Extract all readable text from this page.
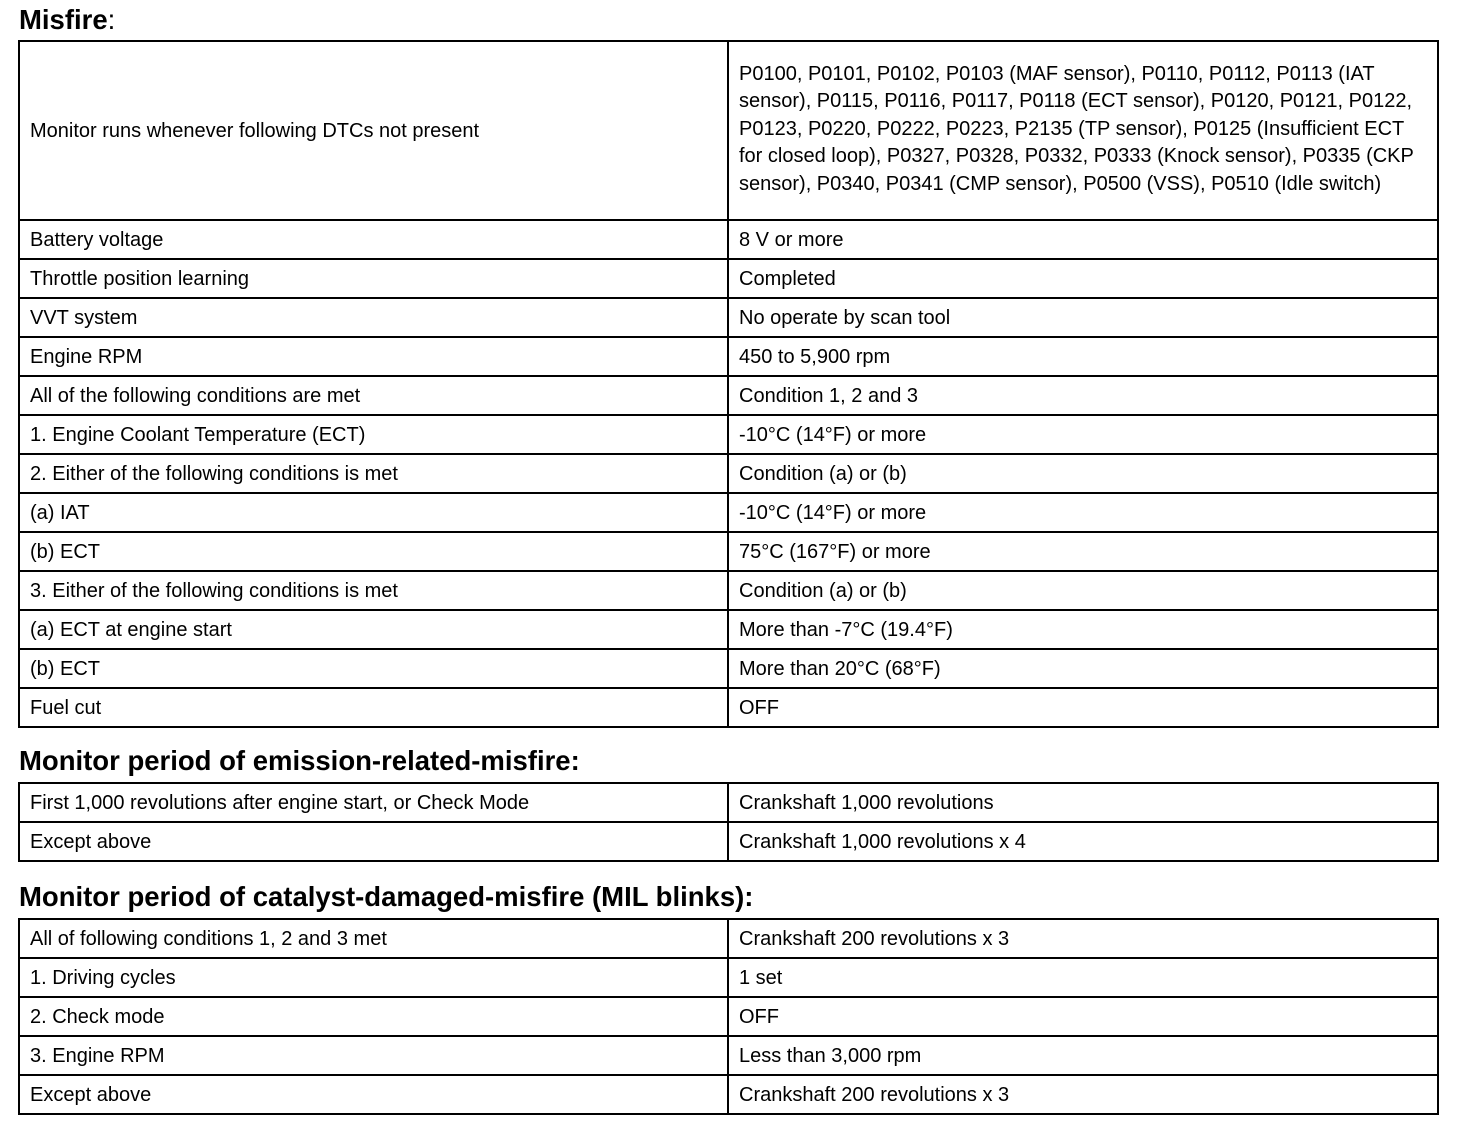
Misfire:
Monitor runs whenever following DTCs not present	P0100, P0101, P0102, P0103 (MAF sensor), P0110, P0112, P0113 (IAT sensor), P0115, P0116, P0117, P0118 (ECT sensor), P0120, P0121, P0122, P0123, P0220, P0222, P0223, P2135 (TP sensor), P0125 (Insufficient ECT for closed loop), P0327, P0328, P0332, P0333 (Knock sensor), P0335 (CKP sensor), P0340, P0341 (CMP sensor), P0500 (VSS), P0510 (Idle switch)
Battery voltage	8 V or more
Throttle position learning	Completed
VVT system	No operate by scan tool
Engine RPM	450 to 5,900 rpm
All of the following conditions are met	Condition 1, 2 and 3
1. Engine Coolant Temperature (ECT)	-10°C (14°F) or more
2. Either of the following conditions is met	Condition (a) or (b)
(a) IAT	-10°C (14°F) or more
(b) ECT	75°C (167°F) or more
3. Either of the following conditions is met	Condition (a) or (b)
(a) ECT at engine start	More than -7°C (19.4°F)
(b) ECT	More than 20°C (68°F)
Fuel cut	OFF
Monitor period of emission-related-misfire:
First 1,000 revolutions after engine start, or Check Mode	Crankshaft 1,000 revolutions
Except above	Crankshaft 1,000 revolutions x 4
Monitor period of catalyst-damaged-misfire (MIL blinks):
All of following conditions 1, 2 and 3 met	Crankshaft 200 revolutions x 3
1. Driving cycles	1 set
2. Check mode	OFF
3. Engine RPM	Less than 3,000 rpm
Except above	Crankshaft 200 revolutions x 3
